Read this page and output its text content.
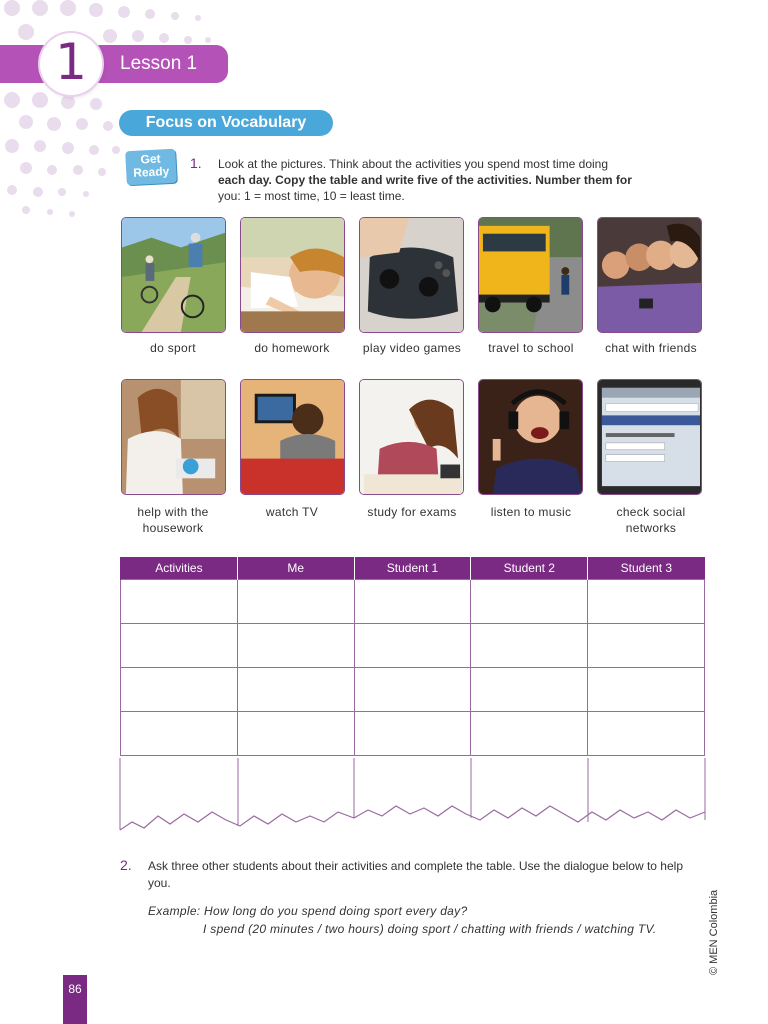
1 Lesson 1
Focus on Vocabulary
Get
Ready
! 1. Look at the pictures. Think about the activities you spend most time doing each day. Copy the table and write five of the activities. Number them for you: 1 = most time, 10 = least time.
do sport	do homework	play video games	travel to school	chat with friends
help with the housework
watch TV	study for exams	listen to music	check social networks
Activities	Me	Student 1	Student 2	Student 3

2. Ask three other students about their activities and complete the table. Use the dialogue below to help you.
Example: How long do you spend doing sport every day?
I spend (20 minutes / two hours) doing sport / chatting with friends / watching TV.	© MEN Colombia
86
